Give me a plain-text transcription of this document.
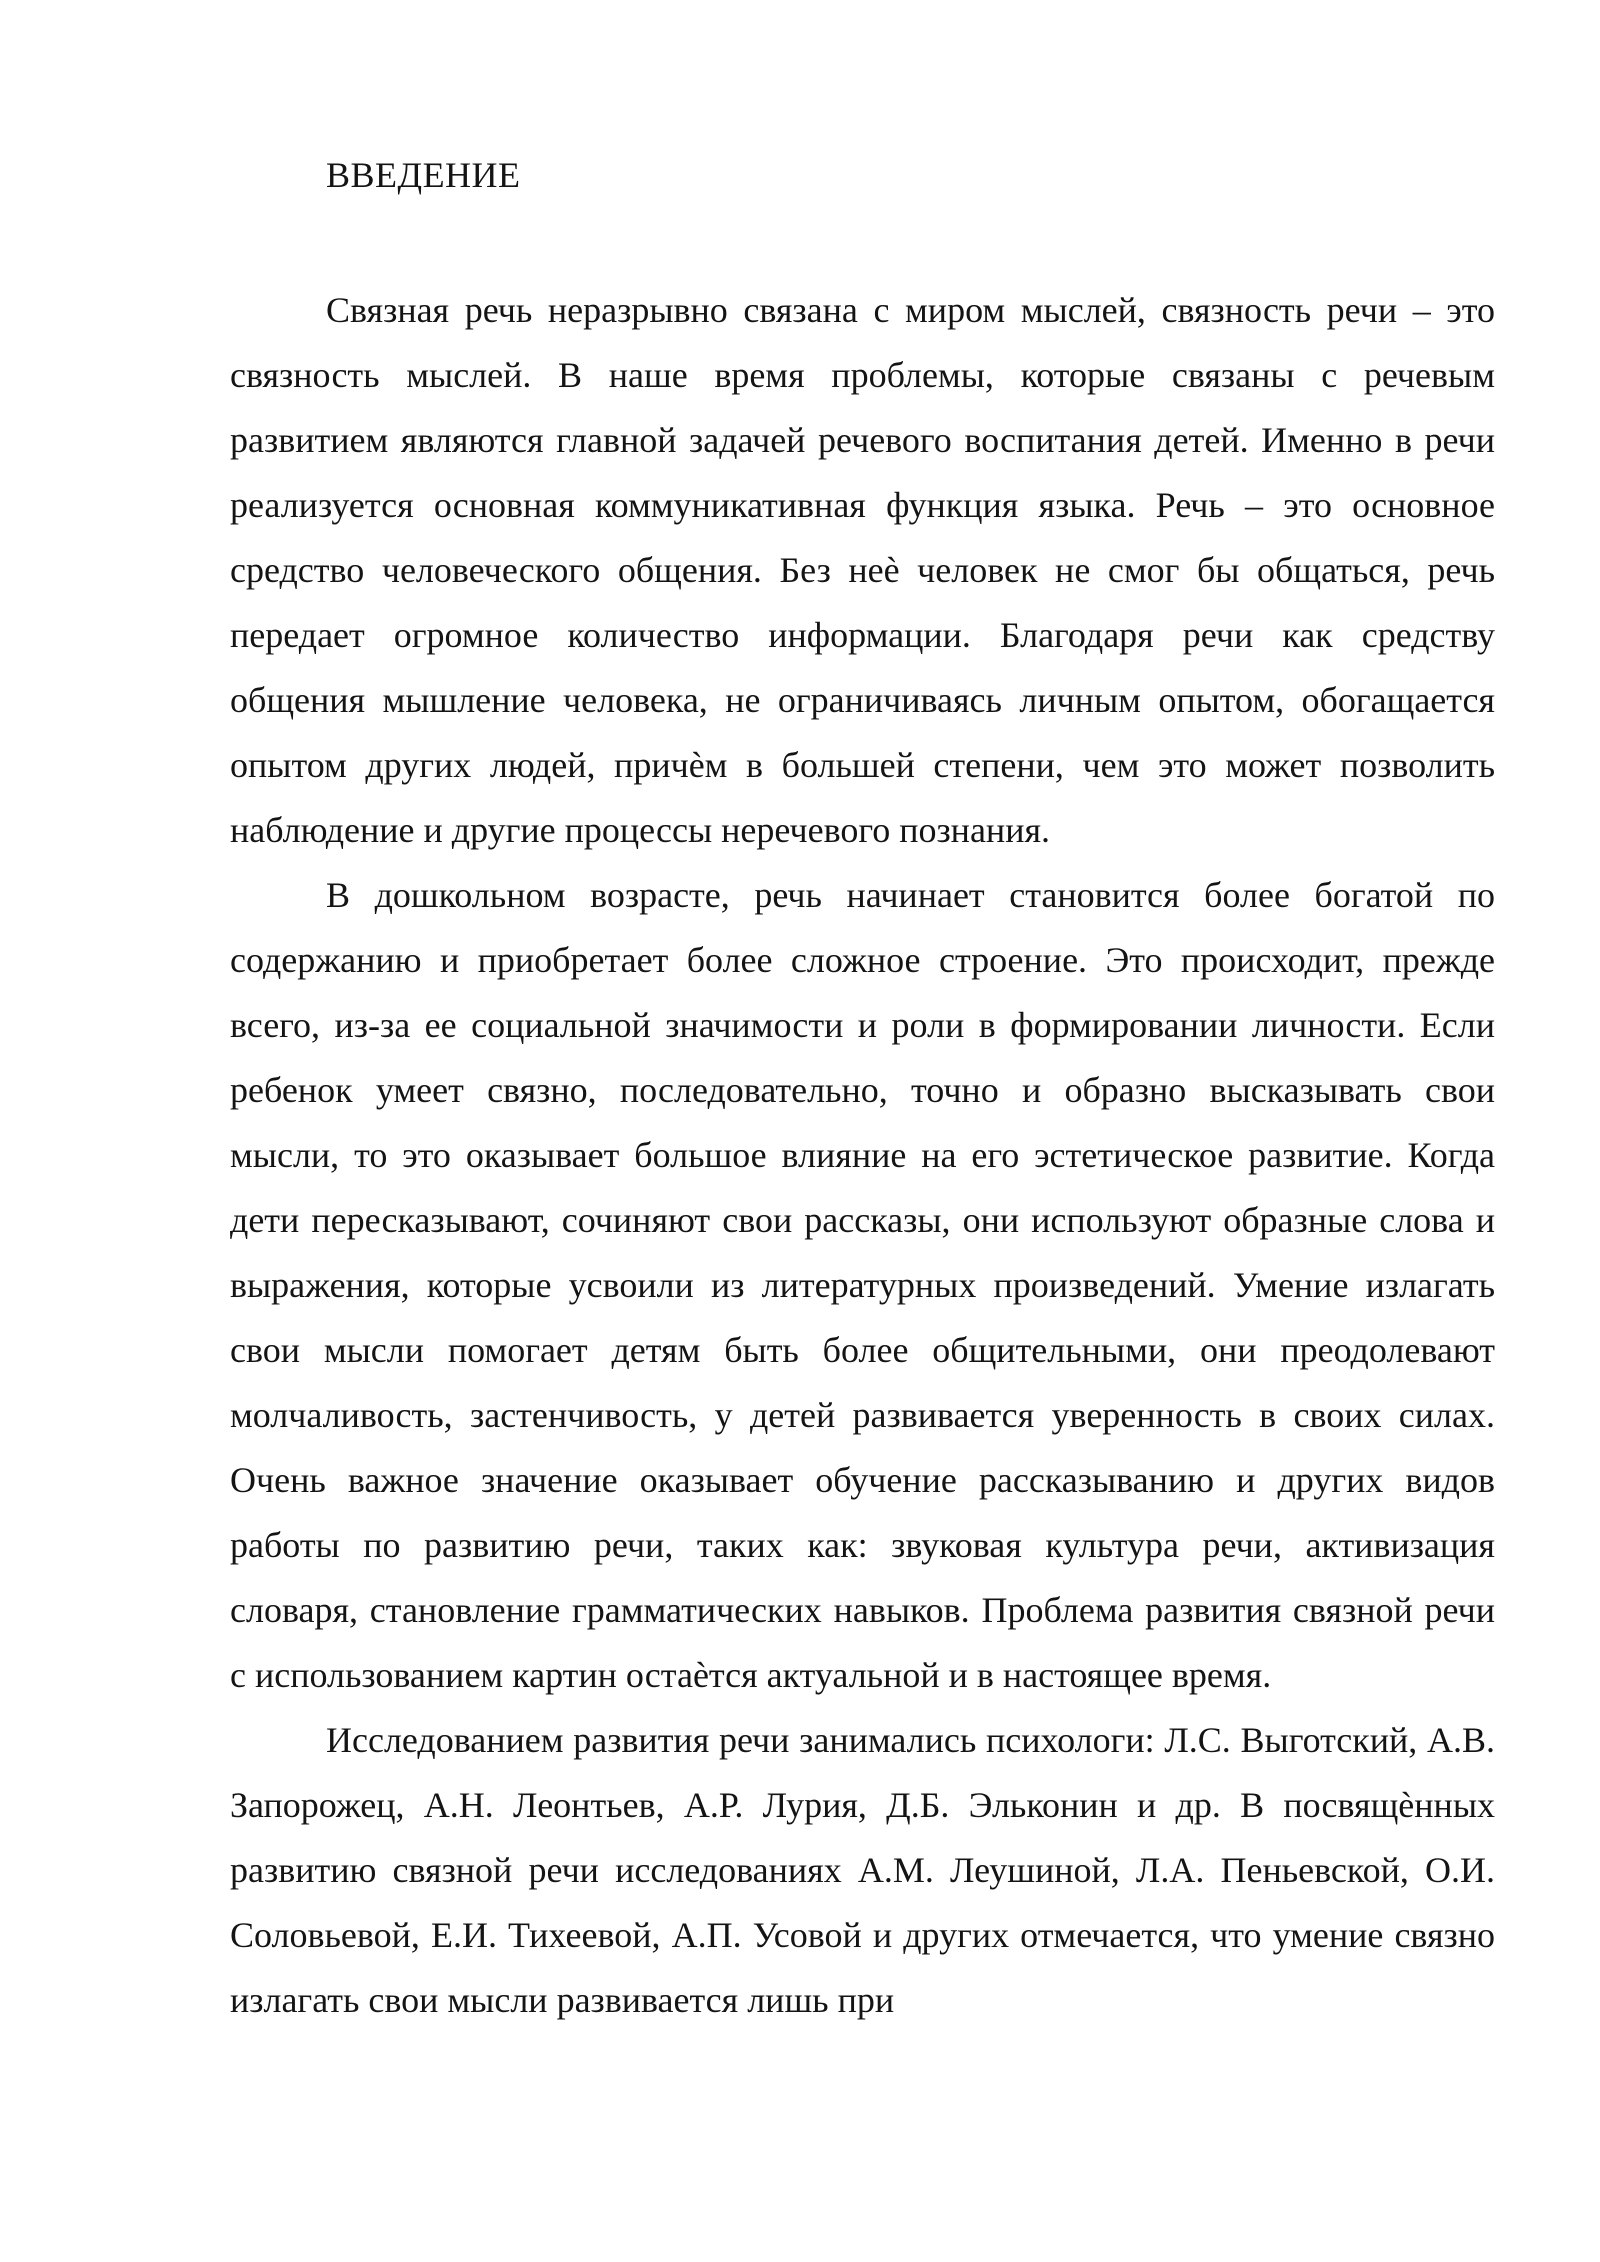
ВВЕДЕНИЕ

Связная речь неразрывно связана с миром мыслей, связность речи – это связность мыслей. В наше время проблемы, которые связаны с речевым развитием являются главной задачей речевого воспитания детей. Именно в речи реализуется основная коммуникативная функция языка. Речь – это основное средство человеческого общения. Без неѐ человек не смог бы общаться, речь передает огромное количество информации. Благодаря речи как средству общения мышление человека, не ограничиваясь личным опытом, обогащается опытом других людей, причѐм в большей степени, чем это может позволить наблюдение и другие процессы неречевого познания.

В дошкольном возрасте, речь начинает становится более богатой по содержанию и приобретает более сложное строение. Это происходит, прежде всего, из-за ее социальной значимости и роли в формировании личности. Если ребенок умеет связно, последовательно, точно и образно высказывать свои мысли, то это оказывает большое влияние на его эстетическое развитие. Когда дети пересказывают, сочиняют свои рассказы, они используют образные слова и выражения, которые усвоили из литературных произведений. Умение излагать свои мысли помогает детям быть более общительными, они преодолевают молчаливость, застенчивость, у детей развивается уверенность в своих силах. Очень важное значение оказывает обучение рассказыванию и других видов работы по развитию речи, таких как: звуковая культура речи, активизация словаря, становление грамматических навыков. Проблема развития связной речи с использованием картин остаѐтся актуальной и в настоящее время.

Исследованием развития речи занимались психологи: Л.С. Выготский, А.В. Запорожец, А.Н. Леонтьев, А.Р. Лурия, Д.Б. Эльконин и др. В посвящѐнных развитию связной речи исследованиях А.М. Леушиной, Л.А. Пеньевской, О.И. Соловьевой, Е.И. Тихеевой, А.П. Усовой и других отмечается, что умение связно излагать свои мысли развивается лишь при
